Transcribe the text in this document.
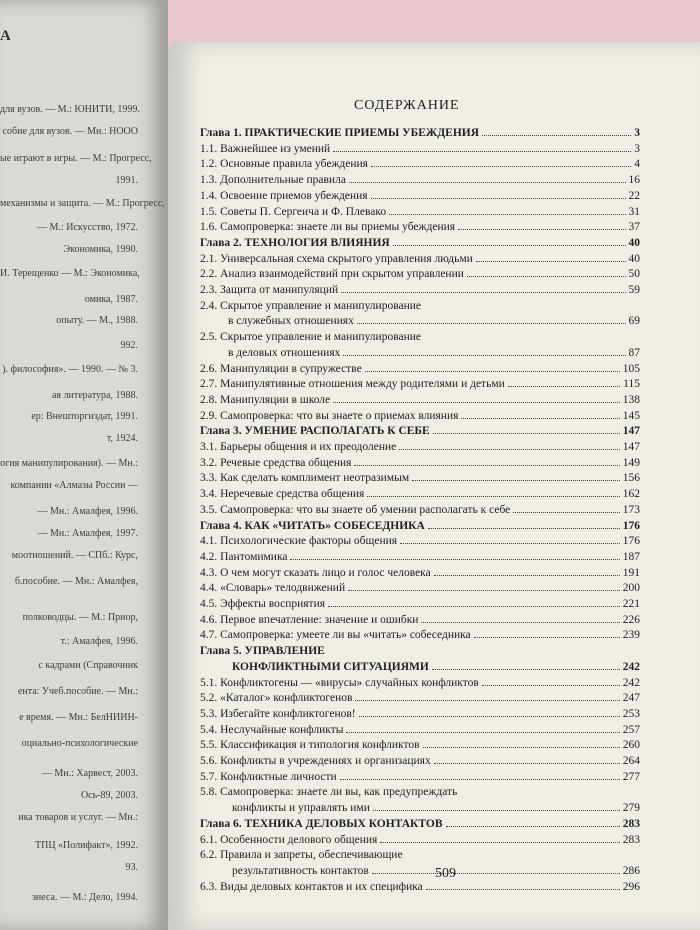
А
для вузов. — М.: ЮНИТИ, 1999.
собие для вузов. — Мн.: НООО
ые играют в игры. — М.: Прогресс,
1991.
механизмы и защита. — М.: Прогресс,
— М.: Искусство, 1972.
Экономика, 1990.
И. Терещенко — М.: Экономика,
омика, 1987.
опыту. — М., 1988.
992.
). философия». — 1990. — № 3.
ая литература, 1988.
ер: Внешторгиздат, 1991.
т, 1924.
огия манипулирования). — Мн.:
компании «Алмазы России —
— Мн.: Амалфея, 1996.
— Мн.: Амалфея, 1997.
моотношений. — СПб.: Курс,
б.пособие. — Мн.: Амалфея,
полководцы. — М.: Приор,
т.: Амалфея, 1996.
с кадрами (Справочник
ента: Учеб.пособие. — Мн.:
е время. — Мн.: БелНИИН-
оциально-психологические
— Мн.: Харвест, 2003.
Ось-89, 2003.
ика товаров и услуг. — Мн.:
ТПЦ «Полифакт», 1992.
93.
знеса. — М.: Дело, 1994.
СОДЕРЖАНИЕ
Глава 1. ПРАКТИЧЕСКИЕ ПРИЕМЫ УБЕЖДЕНИЯ	3
1.1. Важнейшее из умений	3
1.2. Основные правила убеждения	4
1.3. Дополнительные правила	16
1.4. Освоение приемов убеждения	22
1.5. Советы П. Сергеича и Ф. Плевако	31
1.6. Самопроверка: знаете ли вы приемы убеждения	37
Глава 2. ТЕХНОЛОГИЯ ВЛИЯНИЯ	40
2.1. Универсальная схема скрытого управления людьми	40
2.2. Анализ взаимодействий при скрытом управлении	50
2.3. Защита от манипуляций	59
2.4. Скрытое управление и манипулирование
в служебных отношениях	69
2.5. Скрытое управление и манипулирование
в деловых отношениях	87
2.6. Манипуляции в супружестве	105
2.7. Манипулятивные отношения между родителями и детьми	115
2.8. Манипуляции в школе	138
2.9. Самопроверка: что вы знаете о приемах влияния	145
Глава 3. УМЕНИЕ РАСПОЛАГАТЬ К СЕБЕ	147
3.1. Барьеры общения и их преодоление	147
3.2. Речевые средства общения	149
3.3. Как сделать комплимент неотразимым	156
3.4. Неречевые средства общения	162
3.5. Самопроверка: что вы знаете об умении располагать к себе	173
Глава 4. КАК «ЧИТАТЬ» СОБЕСЕДНИКА	176
4.1. Психологические факторы общения	176
4.2. Пантомимика	187
4.3. О чем могут сказать лицо и голос человека	191
4.4. «Словарь» телодвижений	200
4.5. Эффекты восприятия	221
4.6. Первое впечатление: значение и ошибки	226
4.7. Самопроверка: умеете ли вы «читать» собеседника	239
Глава 5. УПРАВЛЕНИЕ
КОНФЛИКТНЫМИ СИТУАЦИЯМИ	242
5.1. Конфликтогены — «вирусы» случайных конфликтов	242
5.2. «Каталог» конфликтогенов	247
5.3. Избегайте конфликтогенов!	253
5.4. Неслучайные конфликты	257
5.5. Классификация и типология конфликтов	260
5.6. Конфликты в учреждениях и организациях	264
5.7. Конфликтные личности	277
5.8. Самопроверка: знаете ли вы, как предупреждать
конфликты и управлять ими	279
Глава 6. ТЕХНИКА ДЕЛОВЫХ КОНТАКТОВ	283
6.1. Особенности делового общения	283
6.2. Правила и запреты, обеспечивающие
результативность контактов	286
6.3. Виды деловых контактов и их специфика	296
509
